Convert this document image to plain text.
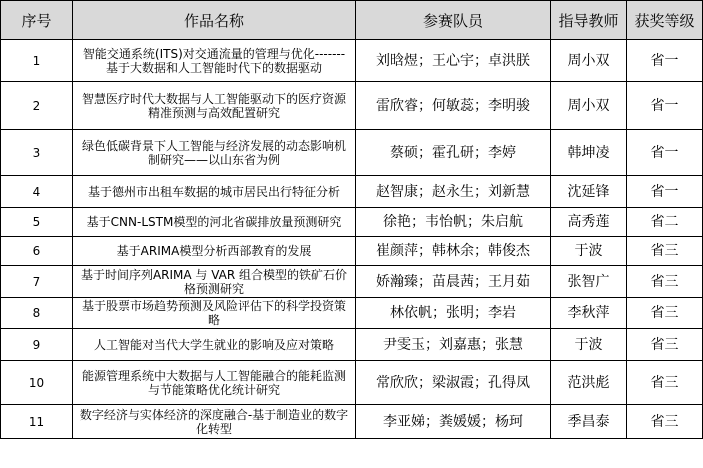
序号	作品名称	参赛队员	指导教师	获奖等级
1	智能交通系统(ITS)对交通流量的管理与优化-------基于大数据和人工智能时代下的数据驱动	刘晗煜；王心宇；卓洪朕	周小双	省一
2	智慧医疗时代大数据与人工智能驱动下的医疗资源精准预测与高效配置研究	雷欣睿；何敏蕊；李明骏	周小双	省一
3	绿色低碳背景下人工智能与经济发展的动态影响机制研究——以山东省为例	蔡硕；霍孔研；李婷	韩坤凌	省一
4	基于德州市出租车数据的城市居民出行特征分析	赵智康；赵永生；刘新慧	沈延锋	省一
5	基于CNN-LSTM模型的河北省碳排放量预测研究	徐艳；韦怡帆；朱启航	高秀莲	省二
6	基于ARIMA模型分析西部教育的发展	崔颜萍；韩林余；韩俊杰	于波	省三
7	基于时间序列ARIMA 与 VAR 组合模型的铁矿石价格预测研究	娇瀚臻；苗晨茜；王月茹	张智广	省三
8	基于股票市场趋势预测及风险评估下的科学投资策略	林依帆；张明；李岩	李秋萍	省三
9	人工智能对当代大学生就业的影响及应对策略	尹雯玉；刘嘉惠；张慧	于波	省三
10	能源管理系统中大数据与人工智能融合的能耗监测与节能策略优化统计研究	常欣欣；梁淑霞；孔得凤	范洪彪	省三
11	数字经济与实体经济的深度融合-基于制造业的数字化转型	李亚娣；粪媛媛；杨珂	季昌泰	省三
